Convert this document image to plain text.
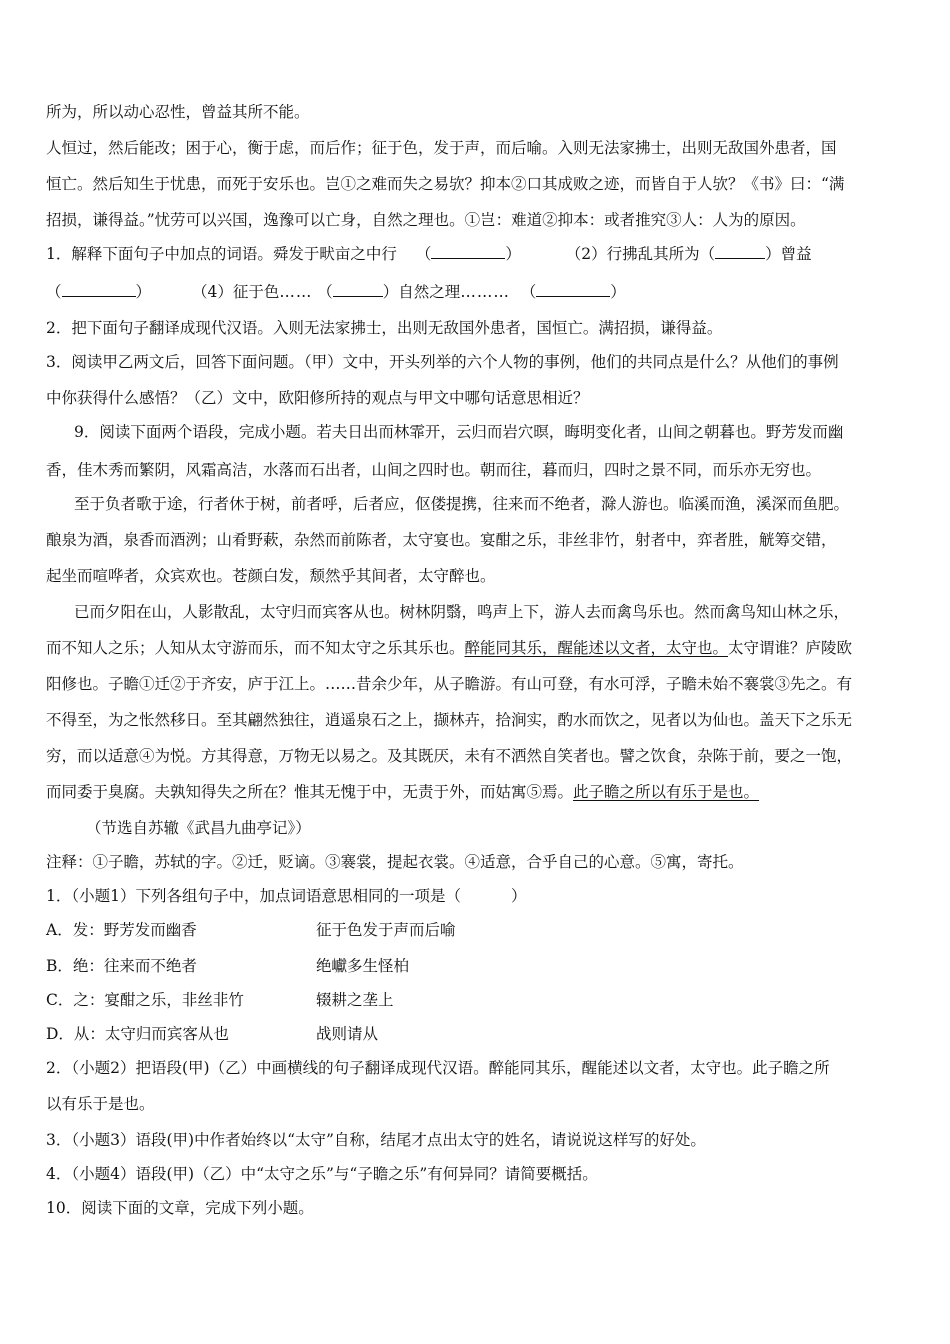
所为，所以动心忍性，曾益其所不能。

人恒过，然后能改；困于心，衡于虑，而后作；征于色，发于声，而后喻。入则无法家拂士，出则无敌国外患者，国

恒亡。然后知生于忧患，而死于安乐也。岂①之难而失之易欤？抑本②口其成败之迹，而皆自于人欤？《书》曰：“满

招损，谦得益。”忧劳可以兴国，逸豫可以亡身，自然之理也。①岂：难道②抑本：或者推究③人：人为的原因。

1．解释下面句子中加点的词语。舜发于畎亩之中行 （	）	（2）行拂乱其所为（	）曾益

（	）	（4）征于色…… （	）自然之理……… （	）

2．把下面句子翻译成现代汉语。入则无法家拂士，出则无敌国外患者，国恒亡。满招损，谦得益。

3．阅读甲乙两文后，回答下面问题。（甲）文中，开头列举的六个人物的事例，他们的共同点是什么？从他们的事例

中你获得什么感悟？（乙）文中，欧阳修所持的观点与甲文中哪句话意思相近？

9．阅读下面两个语段，完成小题。若夫日出而林霏开，云归而岩穴暝，晦明变化者，山间之朝暮也。野芳发而幽

香，佳木秀而繁阴，风霜高洁，水落而石出者，山间之四时也。朝而往，暮而归，四时之景不同，而乐亦无穷也。

至于负者歌于途，行者休于树，前者呼，后者应，伛偻提携，往来而不绝者，滁人游也。临溪而渔，溪深而鱼肥。

酿泉为酒，泉香而酒洌；山肴野蔌，杂然而前陈者，太守宴也。宴酣之乐，非丝非竹，射者中，弈者胜，觥筹交错，

起坐而喧哗者，众宾欢也。苍颜白发，颓然乎其间者，太守醉也。

已而夕阳在山，人影散乱，太守归而宾客从也。树林阴翳，鸣声上下，游人去而禽鸟乐也。然而禽鸟知山林之乐，

而不知人之乐；人知从太守游而乐，而不知太守之乐其乐也。醉能同其乐，醒能述以文者，太守也。太守谓谁？庐陵欧

阳修也。子瞻①迁②于齐安，庐于江上。……昔余少年，从子瞻游。有山可登，有水可浮，子瞻未始不褰裳③先之。有

不得至，为之怅然移日。至其翩然独往，逍遥泉石之上，撷林卉，拾涧实，酌水而饮之，见者以为仙也。盖天下之乐无

穷，而以适意④为悦。方其得意，万物无以易之。及其既厌，未有不洒然自笑者也。譬之饮食，杂陈于前，要之一饱，

而同委于臭腐。夫孰知得失之所在？惟其无愧于中，无责于外，而姑寓⑤焉。此子瞻之所以有乐于是也。

（节选自苏辙《武昌九曲亭记》）

注释：①子瞻，苏轼的字。②迁，贬谪。③褰裳，提起衣裳。④适意，合乎自己的心意。⑤寓，寄托。

1．（小题1）下列各组句子中，加点词语意思相同的一项是（	）

A．发：野芳发而幽香	征于色发于声而后喻

B．绝：往来而不绝者	绝巘多生怪柏

C．之：宴酣之乐，非丝非竹	辍耕之垄上

D．从：太守归而宾客从也	战则请从

2．（小题2）把语段(甲)（乙）中画横线的句子翻译成现代汉语。醉能同其乐，醒能述以文者，太守也。此子瞻之所

以有乐于是也。

3．（小题3）语段(甲)中作者始终以“太守”自称，结尾才点出太守的姓名，请说说这样写的好处。

4．（小题4）语段(甲)（乙）中“太守之乐”与“子瞻之乐”有何异同？请简要概括。

10．阅读下面的文章，完成下列小题。
